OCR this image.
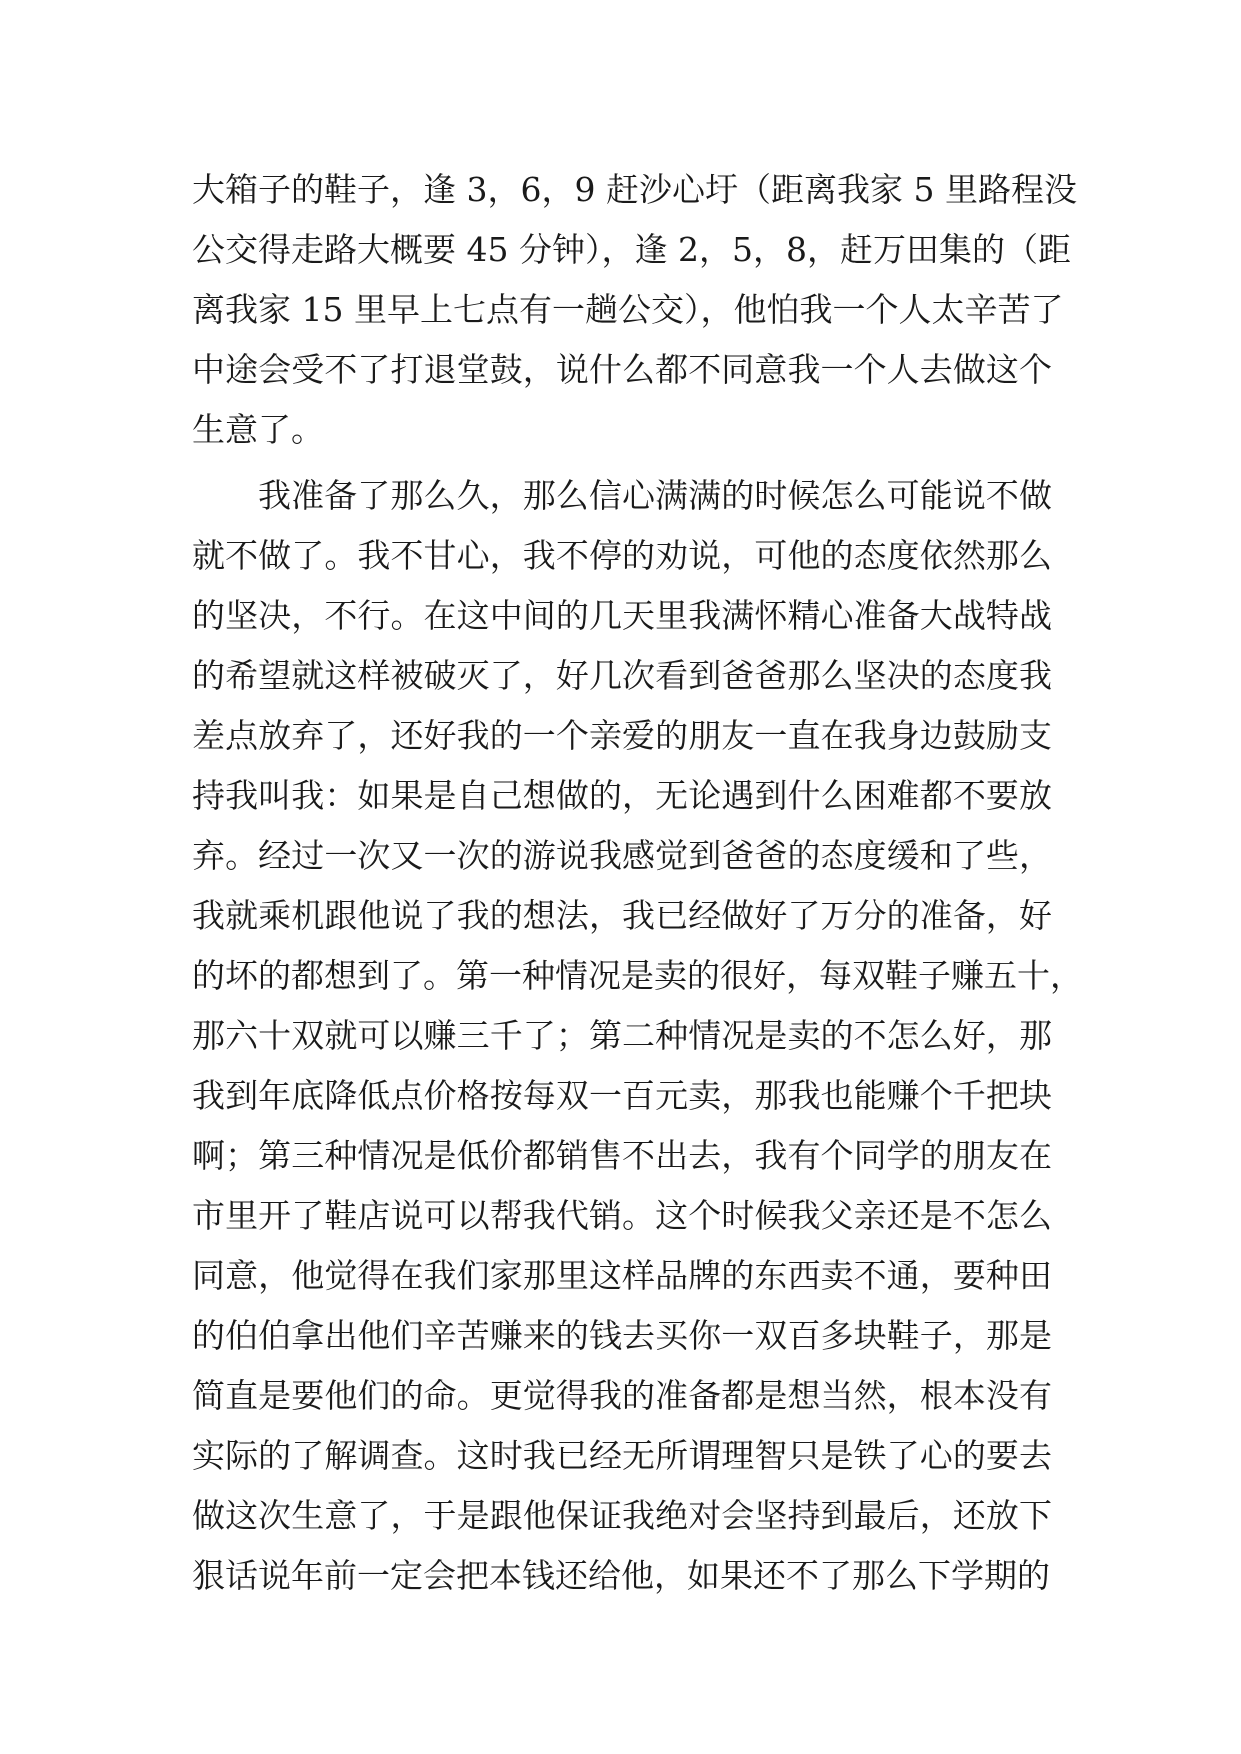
大箱子的鞋子，逢 3，6，9 赶沙心圩（距离我家 5 里路程没
公交得走路大概要 45 分钟），逢 2，5，8，赶万田集的（距
离我家 15 里早上七点有一趟公交），他怕我一个人太辛苦了
中途会受不了打退堂鼓，说什么都不同意我一个人去做这个
生意了。
我准备了那么久，那么信心满满的时候怎么可能说不做
就不做了。我不甘心，我不停的劝说，可他的态度依然那么
的坚决，不行。在这中间的几天里我满怀精心准备大战特战
的希望就这样被破灭了，好几次看到爸爸那么坚决的态度我
差点放弃了，还好我的一个亲爱的朋友一直在我身边鼓励支
持我叫我：如果是自己想做的，无论遇到什么困难都不要放
弃。经过一次又一次的游说我感觉到爸爸的态度缓和了些，
我就乘机跟他说了我的想法，我已经做好了万分的准备，好
的坏的都想到了。第一种情况是卖的很好，每双鞋子赚五十，
那六十双就可以赚三千了；第二种情况是卖的不怎么好，那
我到年底降低点价格按每双一百元卖，那我也能赚个千把块
啊；第三种情况是低价都销售不出去，我有个同学的朋友在
市里开了鞋店说可以帮我代销。这个时候我父亲还是不怎么
同意，他觉得在我们家那里这样品牌的东西卖不通，要种田
的伯伯拿出他们辛苦赚来的钱去买你一双百多块鞋子，那是
简直是要他们的命。更觉得我的准备都是想当然，根本没有
实际的了解调查。这时我已经无所谓理智只是铁了心的要去
做这次生意了，于是跟他保证我绝对会坚持到最后，还放下
狠话说年前一定会把本钱还给他，如果还不了那么下学期的
